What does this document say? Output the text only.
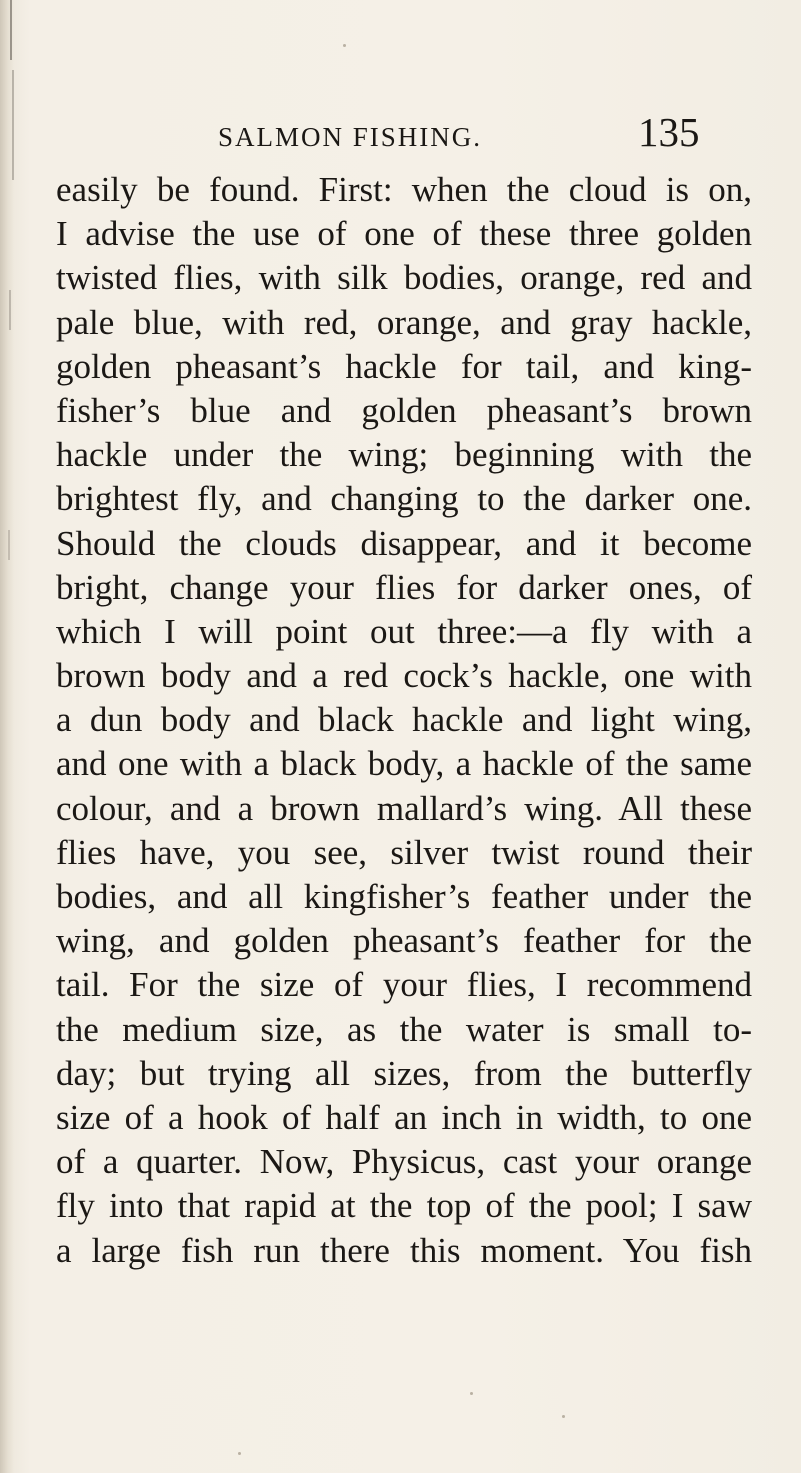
SALMON FISHING.	135
easily be found. First: when the cloud is on,
I advise the use of one of these three golden
twisted flies, with silk bodies, orange, red and
pale blue, with red, orange, and gray hackle,
golden pheasant’s hackle for tail, and king-
fisher’s blue and golden pheasant’s brown
hackle under the wing; beginning with the
brightest fly, and changing to the darker one.
Should the clouds disappear, and it become
bright, change your flies for darker ones, of
which I will point out three:—a fly with a
brown body and a red cock’s hackle, one with
a dun body and black hackle and light wing,
and one with a black body, a hackle of the same
colour, and a brown mallard’s wing. All these
flies have, you see, silver twist round their
bodies, and all kingfisher’s feather under the
wing, and golden pheasant’s feather for the
tail. For the size of your flies, I recommend
the medium size, as the water is small to-
day; but trying all sizes, from the butterfly
size of a hook of half an inch in width, to one
of a quarter. Now, Physicus, cast your orange
fly into that rapid at the top of the pool; I saw
a large fish run there this moment. You fish
